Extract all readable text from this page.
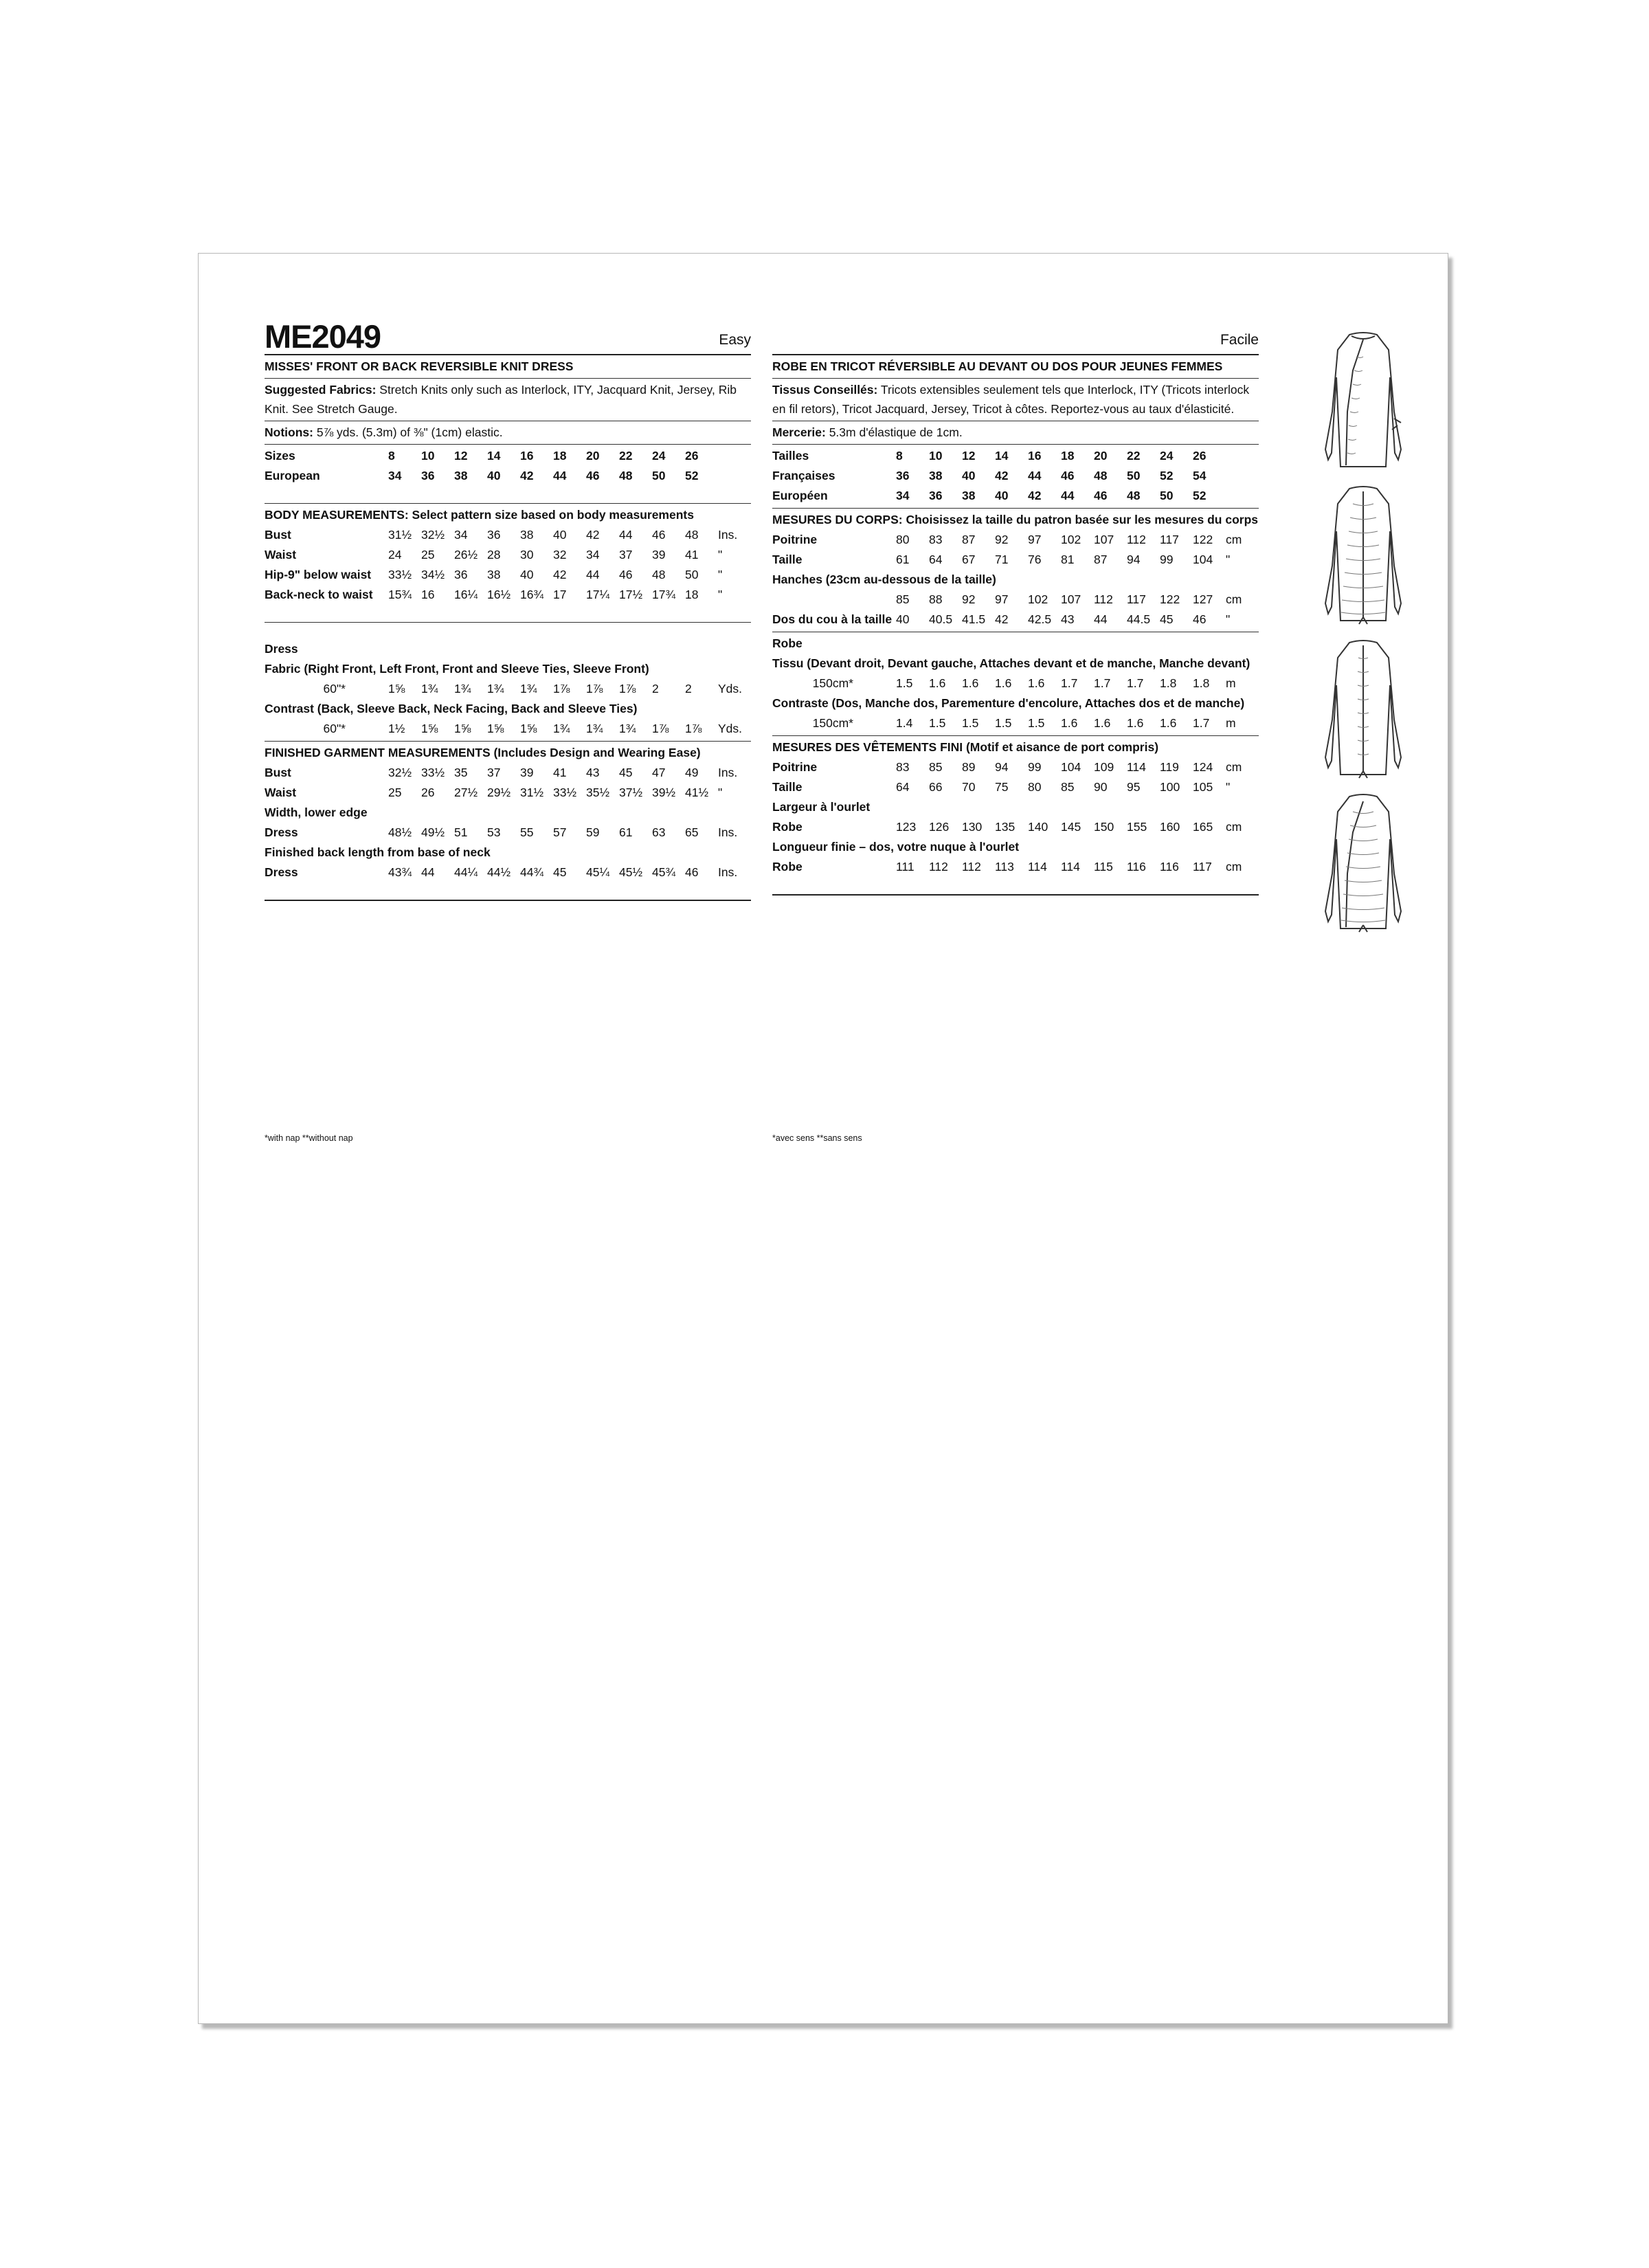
ME2049	Easy
MISSES' FRONT OR BACK REVERSIBLE KNIT DRESS
Suggested Fabrics: Stretch Knits only such as Interlock, ITY, Jacquard Knit, Jersey, Rib Knit. See Stretch Gauge.
Notions: 5⅞ yds. (5.3m) of ⅜" (1cm) elastic.
Sizes	8	10	12	14	16	18	20	22	24	26
European	34	36	38	40	42	44	46	48	50	52
BODY MEASUREMENTS: Select pattern size based on body measurements
Bust	31½ 32½ 34	36	38	40	42	44	46	48	Ins.
Waist	24	25	26½ 28	30	32	34	37	39	41	"
Hip-9" below waist	33½ 34½ 36	38	40	42	44	46	48	50	"
Back-neck to waist	15¾ 16	16¼ 16½ 16¾ 17	17¼ 17½ 17¾ 18	"
Dress
Fabric (Right Front, Left Front, Front and Sleeve Ties, Sleeve Front)
60"*	1⅝	1¾	1¾	1¾	1¾	1⅞	1⅞	1⅞	2	2	Yds.
Contrast (Back, Sleeve Back, Neck Facing, Back and Sleeve Ties)
60"*	1½	1⅝	1⅝	1⅝	1⅝	1¾	1¾	1¾	1⅞	1⅞	Yds.
FINISHED GARMENT MEASUREMENTS (Includes Design and Wearing Ease)
Bust	32½ 33½ 35	37	39	41	43	45	47	49	Ins.
Waist	25	26	27½ 29½ 31½ 33½ 35½ 37½ 39½ 41½ "
Width, lower edge
Dress	48½ 49½ 51	53	55	57	59	61	63	65	Ins.
Finished back length from base of neck
Dress	43¾ 44	44¼ 44½ 44¾ 45	45¼ 45½ 45¾ 46	Ins.
*with nap **without nap
Facile
ROBE EN TRICOT RÉVERSIBLE AU DEVANT OU DOS POUR JEUNES FEMMES
Tissus Conseillés: Tricots extensibles seulement tels que Interlock, ITY (Tricots interlock en fil retors), Tricot Jacquard, Jersey, Tricot à côtes. Reportez-vous au taux d'élasticité.
Mercerie: 5.3m d'élastique de 1cm.
Tailles	8	10	12	14	16	18	20	22	24	26
Françaises	36	38	40	42	44	46	48	50	52	54
Européen	34	36	38	40	42	44	46	48	50	52
MESURES DU CORPS: Choisissez la taille du patron basée sur les mesures du corps
Poitrine	80	83	87	92	97	102	107	112	117	122	cm
Taille	61	64	67	71	76	81	87	94	99	104	"
Hanches (23cm au-dessous de la taille)
85	88	92	97	102	107	112	117	122	127	cm
Dos du cou à la taille 40	40.5 41.5 42	42.5 43	44	44.5 45	46	"
Robe
Tissu (Devant droit, Devant gauche, Attaches devant et de manche, Manche devant)
150cm*	1.5	1.6	1.6	1.6	1.6	1.7	1.7	1.7	1.8	1.8	m
Contraste (Dos, Manche dos, Parementure d'encolure, Attaches dos et de manche)
150cm*	1.4	1.5	1.5	1.5	1.5	1.6	1.6	1.6	1.6	1.7	m
MESURES DES VÊTEMENTS FINI (Motif et aisance de port compris)
Poitrine	83	85	89	94	99	104	109	114	119	124	cm
Taille	64	66	70	75	80	85	90	95	100	105	"
Largeur à l'ourlet
Robe	123	126	130	135	140	145	150	155	160	165	cm
Longueur finie – dos, votre nuque à l'ourlet
Robe	111	112	112	113	114	114	115	116	116	117	cm
*avec sens **sans sens
